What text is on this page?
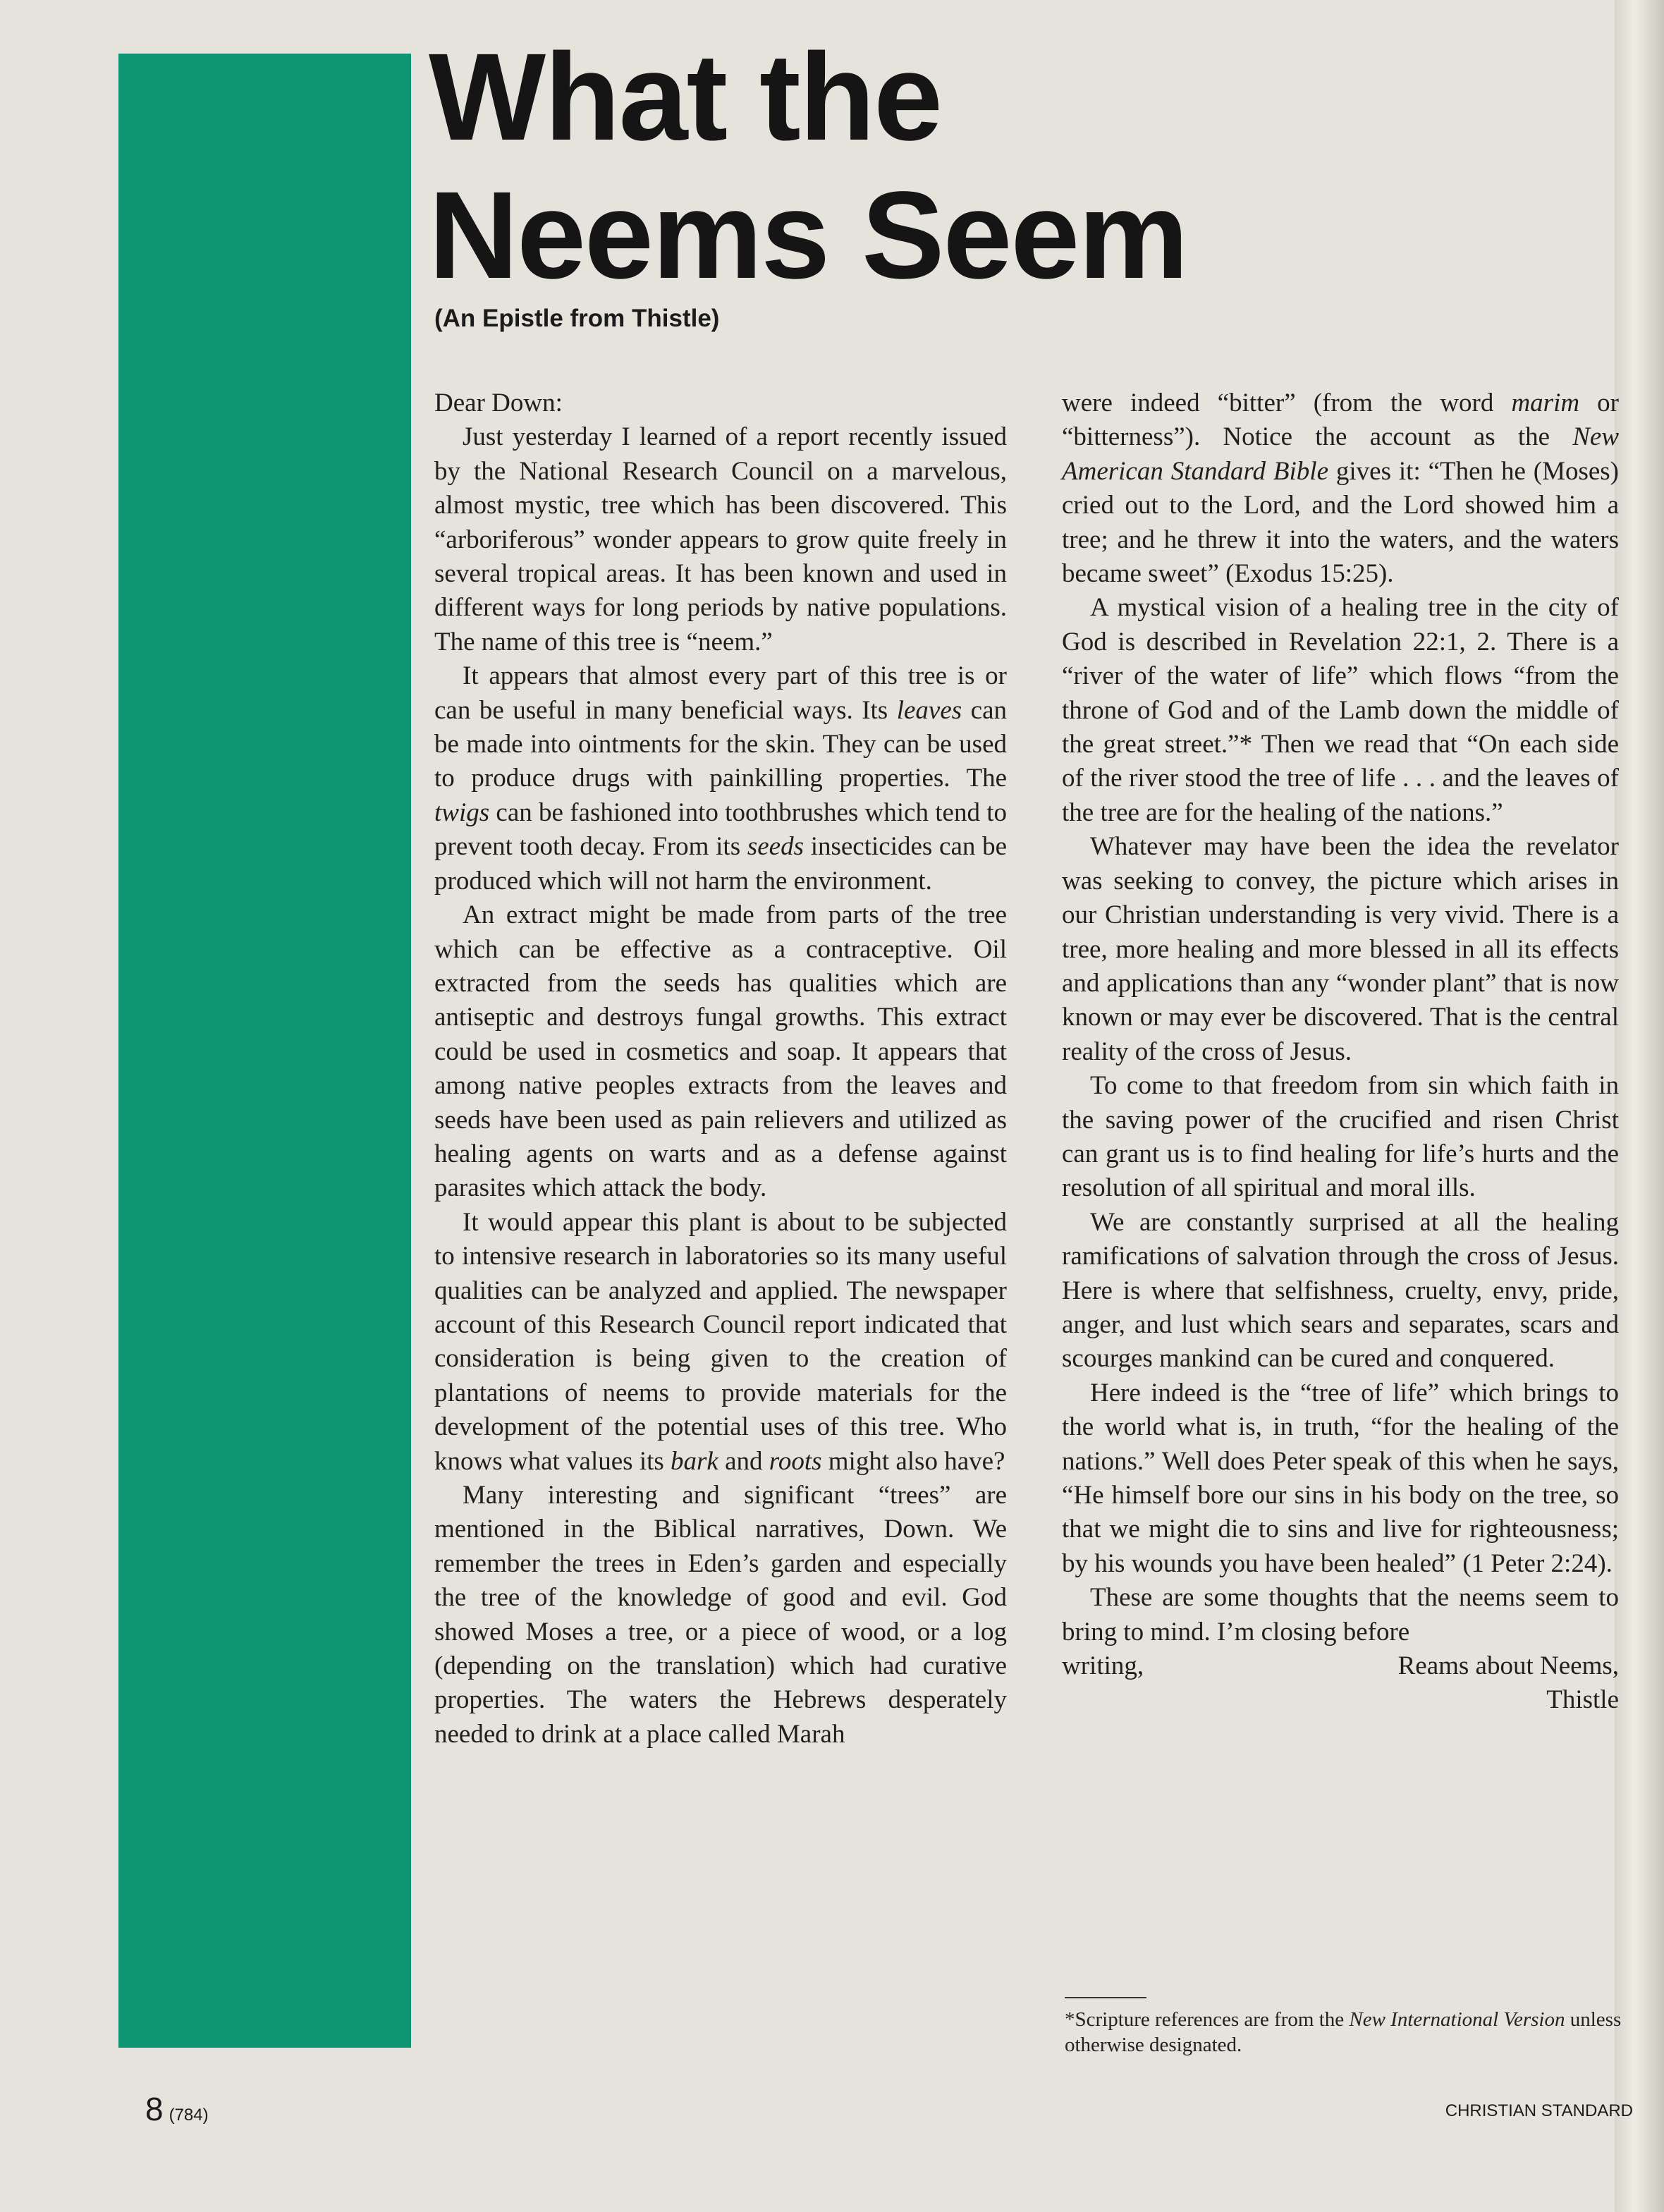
What the
Neems Seem
(An Epistle from Thistle)

Dear Down:

Just yesterday I learned of a report recently issued by the National Research Council on a marvelous, almost mystic, tree which has been discovered. This “arboriferous” wonder appears to grow quite freely in several tropical areas. It has been known and used in different ways for long periods by native populations. The name of this tree is “neem.”

It appears that almost every part of this tree is or can be useful in many beneficial ways. Its leaves can be made into ointments for the skin. They can be used to produce drugs with painkilling properties. The twigs can be fashioned into toothbrushes which tend to prevent tooth decay. From its seeds insecticides can be produced which will not harm the environment.

An extract might be made from parts of the tree which can be effective as a contraceptive. Oil extracted from the seeds has qualities which are antiseptic and destroys fungal growths. This extract could be used in cosmetics and soap. It appears that among native peoples extracts from the leaves and seeds have been used as pain relievers and utilized as healing agents on warts and as a defense against parasites which attack the body.

It would appear this plant is about to be subjected to intensive research in laboratories so its many useful qualities can be analyzed and applied. The newspaper account of this Research Council report indicated that consideration is being given to the creation of plantations of neems to provide materials for the development of the potential uses of this tree. Who knows what values its bark and roots might also have?

Many interesting and significant “trees” are mentioned in the Biblical narratives, Down. We remember the trees in Eden’s garden and especially the tree of the knowledge of good and evil. God showed Moses a tree, or a piece of wood, or a log (depending on the translation) which had curative properties. The waters the Hebrews desperately needed to drink at a place called Marah

were indeed “bitter” (from the word marim or “bitterness”). Notice the account as the New American Standard Bible gives it: “Then he (Moses) cried out to the Lord, and the Lord showed him a tree; and he threw it into the waters, and the waters became sweet” (Exodus 15:25).

A mystical vision of a healing tree in the city of God is described in Revelation 22:1, 2. There is a “river of the water of life” which flows “from the throne of God and of the Lamb down the middle of the great street.”* Then we read that “On each side of the river stood the tree of life . . . and the leaves of the tree are for the healing of the nations.”

Whatever may have been the idea the revelator was seeking to convey, the picture which arises in our Christian understanding is very vivid. There is a tree, more healing and more blessed in all its effects and applications than any “wonder plant” that is now known or may ever be discovered. That is the central reality of the cross of Jesus.

To come to that freedom from sin which faith in the saving power of the crucified and risen Christ can grant us is to find healing for life’s hurts and the resolution of all spiritual and moral ills.

We are constantly surprised at all the healing ramifications of salvation through the cross of Jesus. Here is where that selfishness, cruelty, envy, pride, anger, and lust which sears and separates, scars and scourges mankind can be cured and conquered.

Here indeed is the “tree of life” which brings to the world what is, in truth, “for the healing of the nations.” Well does Peter speak of this when he says, “He himself bore our sins in his body on the tree, so that we might die to sins and live for righteousness; by his wounds you have been healed” (1 Peter 2:24).

These are some thoughts that the neems seem to bring to mind. I’m closing before

writing,	Reams about Neems,
Thistle
*Scripture references are from the New International Version unless otherwise designated.
8 (784)	CHRISTIAN STANDARD
